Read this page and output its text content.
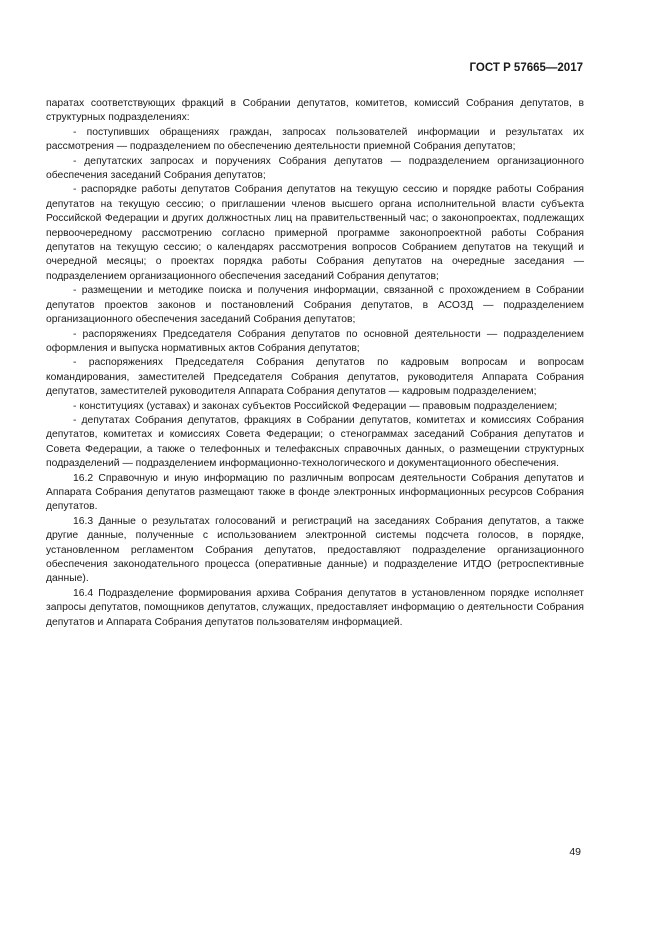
ГОСТ Р 57665—2017

паратах соответствующих фракций в Собрании депутатов, комитетов, комиссий Собрания депутатов, в структурных подразделениях:

- поступивших обращениях граждан, запросах пользователей информации и результатах их рассмотрения — подразделением по обеспечению деятельности приемной Собрания депутатов;

- депутатских запросах и поручениях Собрания депутатов — подразделением организационного обеспечения заседаний Собрания депутатов;

- распорядке работы депутатов Собрания депутатов на текущую сессию и порядке работы Собрания депутатов на текущую сессию; о приглашении членов высшего органа исполнительной власти субъекта Российской Федерации и других должностных лиц на правительственный час; о законопроектах, подлежащих первоочередному рассмотрению согласно примерной программе законопроектной работы Собрания депутатов на текущую сессию; о календарях рассмотрения вопросов Собранием депутатов на текущий и очередной месяцы; о проектах порядка работы Собрания депутатов на очередные заседания — подразделением организационного обеспечения заседаний Собрания депутатов;

- размещении и методике поиска и получения информации, связанной с прохождением в Собрании депутатов проектов законов и постановлений Собрания депутатов, в АСОЗД — подразделением организационного обеспечения заседаний Собрания депутатов;

- распоряжениях Председателя Собрания депутатов по основной деятельности — подразделением оформления и выпуска нормативных актов Собрания депутатов;

- распоряжениях Председателя Собрания депутатов по кадровым вопросам и вопросам командирования, заместителей Председателя Собрания депутатов, руководителя Аппарата Собрания депутатов, заместителей руководителя Аппарата Собрания депутатов — кадровым подразделением;

- конституциях (уставах) и законах субъектов Российской Федерации — правовым подразделением;

- депутатах Собрания депутатов, фракциях в Собрании депутатов, комитетах и комиссиях Собрания депутатов, комитетах и комиссиях Совета Федерации; о стенограммах заседаний Собрания депутатов и Совета Федерации, а также о телефонных и телефаксных справочных данных, о размещении структурных подразделений — подразделением информационно-технологического и документационного обеспечения.

16.2 Справочную и иную информацию по различным вопросам деятельности Собрания депутатов и Аппарата Собрания депутатов размещают также в фонде электронных информационных ресурсов Собрания депутатов.

16.3 Данные о результатах голосований и регистраций на заседаниях Собрания депутатов, а также другие данные, полученные с использованием электронной системы подсчета голосов, в порядке, установленном регламентом Собрания депутатов, предоставляют подразделение организационного обеспечения законодательного процесса (оперативные данные) и подразделение ИТДО (ретроспективные данные).

16.4 Подразделение формирования архива Собрания депутатов в установленном порядке исполняет запросы депутатов, помощников депутатов, служащих, предоставляет информацию о деятельности Собрания депутатов и Аппарата Собрания депутатов пользователям информацией.

49
